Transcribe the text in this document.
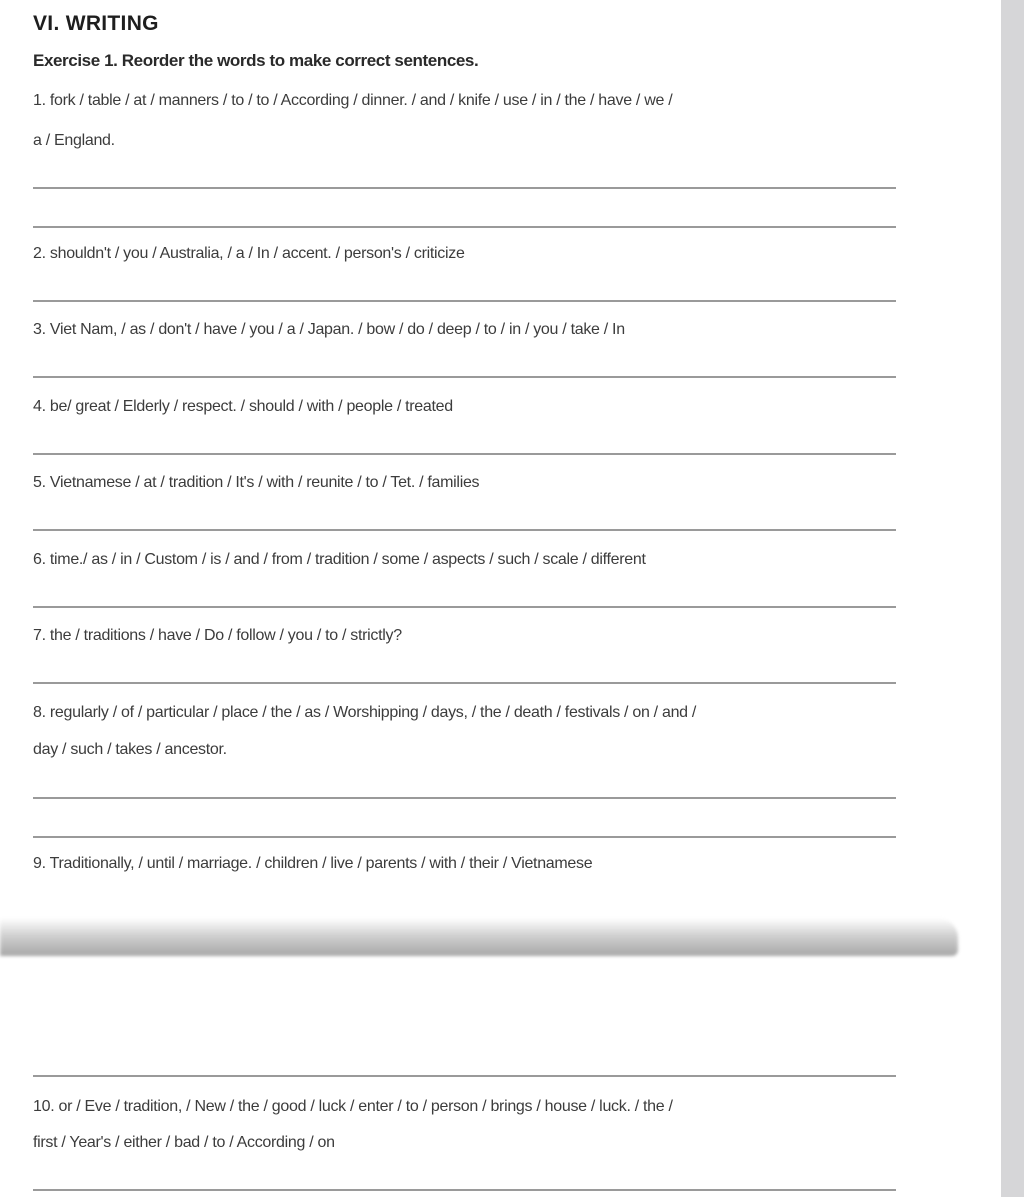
VI. WRITING
Exercise 1. Reorder the words to make correct sentences.
1. fork / table / at / manners / to / to / According / dinner. / and / knife / use / in / the / have / we /
a / England.
2. shouldn't / you / Australia, / a / In / accent. / person's / criticize
3. Viet Nam, / as / don't / have / you / a / Japan. / bow / do / deep / to / in / you / take / In
4. be/ great / Elderly / respect. / should / with / people / treated
5. Vietnamese / at / tradition / It's / with / reunite / to / Tet. / families
6. time./ as / in / Custom / is / and / from / tradition / some / aspects / such / scale / different
7. the / traditions / have / Do / follow / you / to / strictly?
8. regularly / of / particular / place / the / as / Worshipping / days, / the / death / festivals / on / and /
day / such / takes / ancestor.
9. Traditionally, / until / marriage. / children / live / parents / with / their / Vietnamese
10. or / Eve / tradition, / New / the / good / luck / enter / to / person / brings / house / luck. / the /
first / Year's / either / bad / to / According / on
